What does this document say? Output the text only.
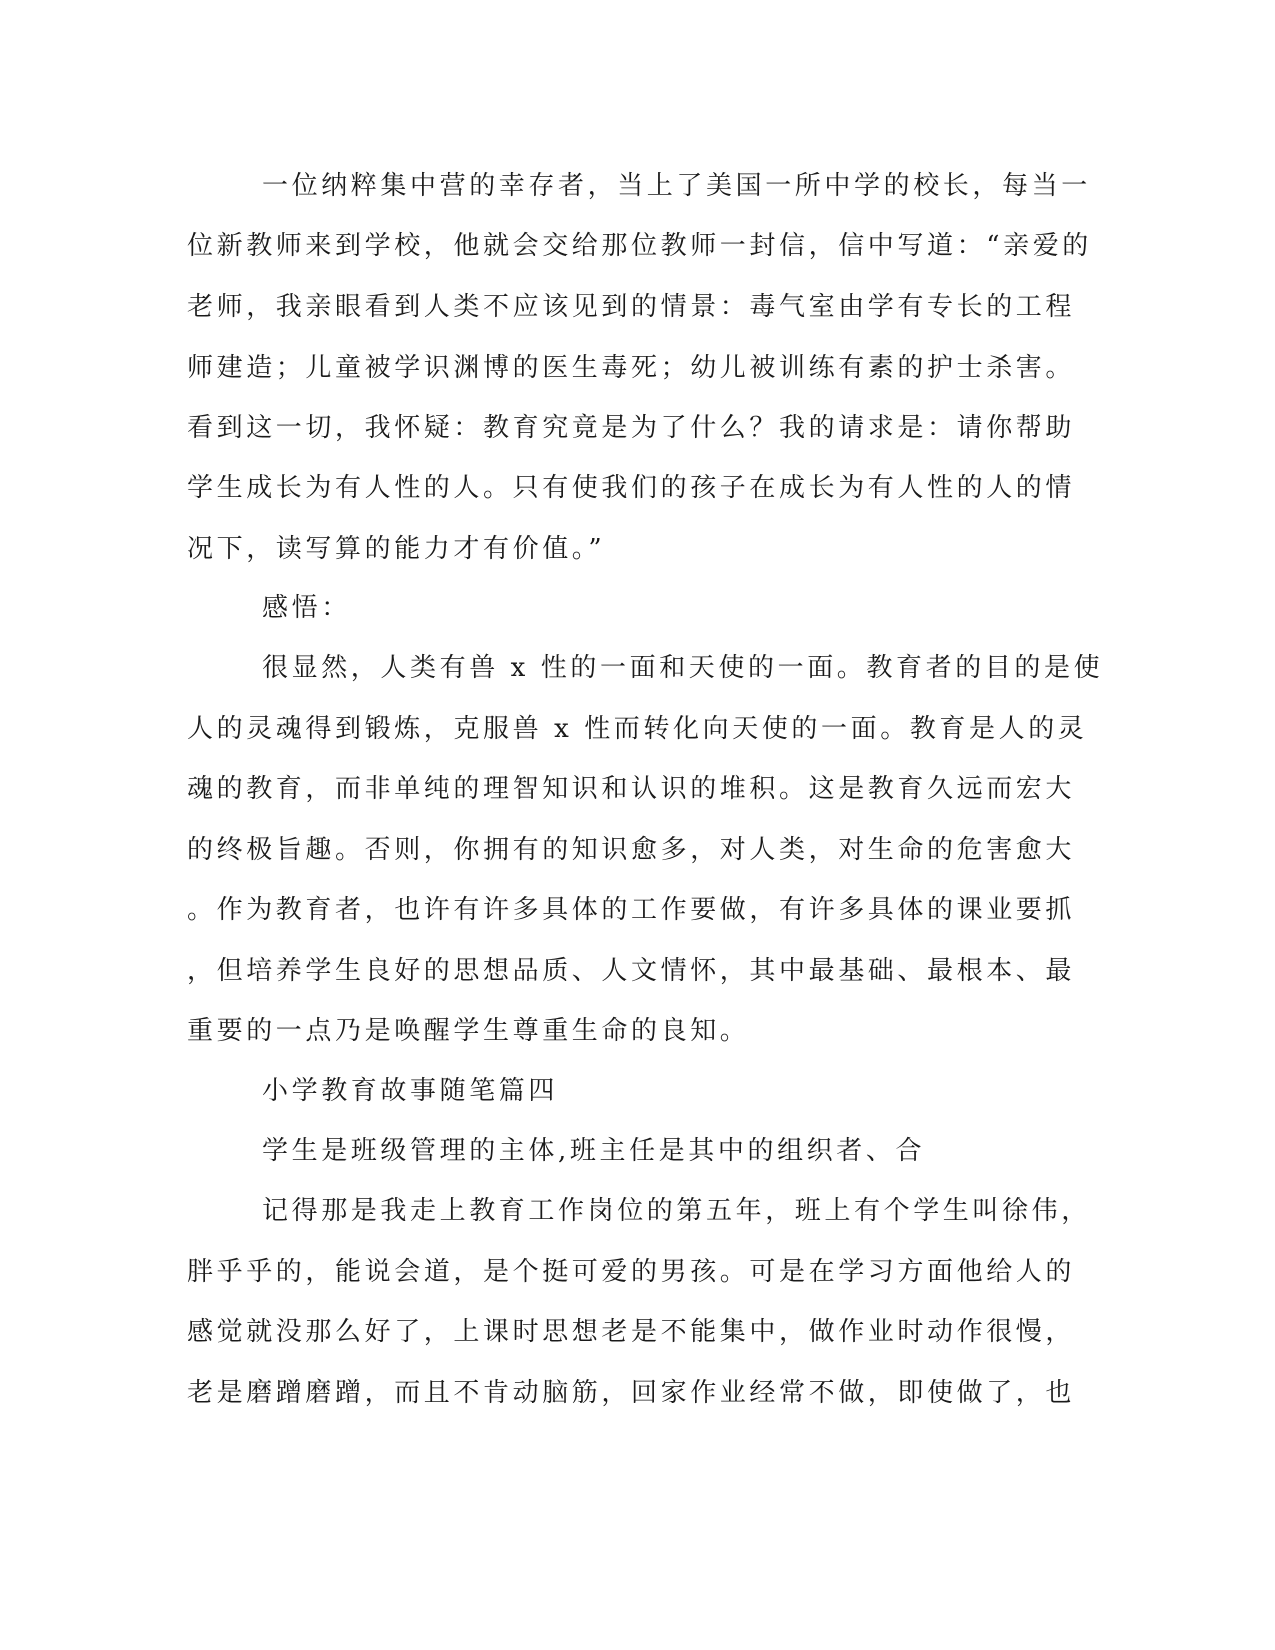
一位纳粹集中营的幸存者，当上了美国一所中学的校长，每当一
位新教师来到学校，他就会交给那位教师一封信，信中写道：“亲爱的
老师，我亲眼看到人类不应该见到的情景：毒气室由学有专长的工程
师建造；儿童被学识渊博的医生毒死；幼儿被训练有素的护士杀害。
看到这一切，我怀疑：教育究竟是为了什么？我的请求是：请你帮助
学生成长为有人性的人。只有使我们的孩子在成长为有人性的人的情
况下，读写算的能力才有价值。”
感悟：
很显然，人类有兽 x 性的一面和天使的一面。教育者的目的是使
人的灵魂得到锻炼，克服兽 x 性而转化向天使的一面。教育是人的灵
魂的教育，而非单纯的理智知识和认识的堆积。这是教育久远而宏大
的终极旨趣。否则，你拥有的知识愈多，对人类，对生命的危害愈大
。作为教育者，也许有许多具体的工作要做，有许多具体的课业要抓
，但培养学生良好的思想品质、人文情怀，其中最基础、最根本、最
重要的一点乃是唤醒学生尊重生命的良知。
小学教育故事随笔篇四
学生是班级管理的主体,班主任是其中的组织者、合
记得那是我走上教育工作岗位的第五年，班上有个学生叫徐伟，
胖乎乎的，能说会道，是个挺可爱的男孩。可是在学习方面他给人的
感觉就没那么好了，上课时思想老是不能集中，做作业时动作很慢，
老是磨蹭磨蹭，而且不肯动脑筋，回家作业经常不做，即使做了，也
